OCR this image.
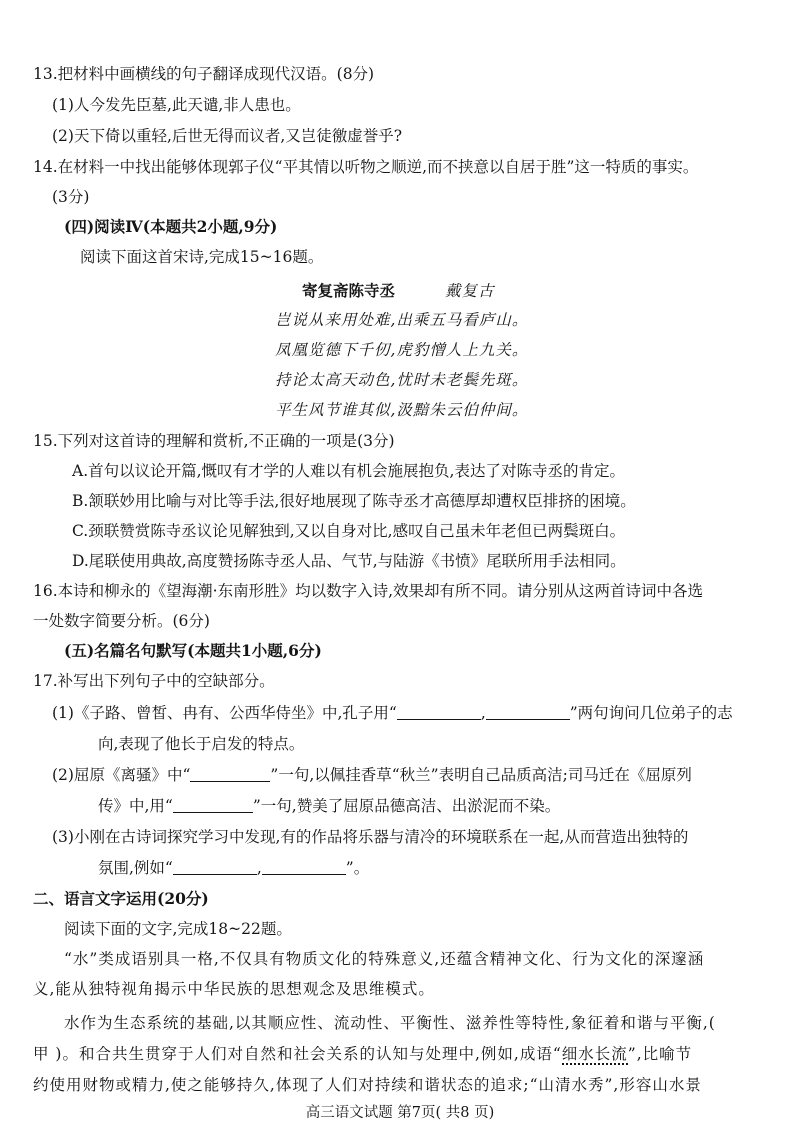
13.把材料中画横线的句子翻译成现代汉语。(8分)
(1)人今发先臣墓,此天谴,非人患也。
(2)天下倚以重轻,后世无得而议者,又岂徒徼虚誉乎?
14.在材料一中找出能够体现郭子仪“平其情以听物之顺逆,而不挟意以自居于胜”这一特质的事实。
(3分)
(四)阅读Ⅳ(本题共2小题,9分)
阅读下面这首宋诗,完成15~16题。
寄复斋陈寺丞	戴复古
岂说从来用处难,出乘五马看庐山。
凤凰览德下千仞,虎豹憎人上九关。
持论太高天动色,忧时未老鬓先斑。
平生风节谁其似,汲黯朱云伯仲间。
15.下列对这首诗的理解和赏析,不正确的一项是(3分)
A.首句以议论开篇,慨叹有才学的人难以有机会施展抱负,表达了对陈寺丞的肯定。
B.颔联妙用比喻与对比等手法,很好地展现了陈寺丞才高德厚却遭权臣排挤的困境。
C.颈联赞赏陈寺丞议论见解独到,又以自身对比,感叹自己虽未年老但已两鬓斑白。
D.尾联使用典故,高度赞扬陈寺丞人品、气节,与陆游《书愤》尾联所用手法相同。
16.本诗和柳永的《望海潮·东南形胜》均以数字入诗,效果却有所不同。请分别从这两首诗词中各选
一处数字简要分析。(6分)
(五)名篇名句默写(本题共1小题,6分)
17.补写出下列句子中的空缺部分。
(1)《子路、曾皙、冉有、公西华侍坐》中,孔子用“	,	”两句询问几位弟子的志
向,表现了他长于启发的特点。
(2)屈原《离骚》中“	”一句,以佩挂香草“秋兰”表明自己品质高洁;司马迁在《屈原列
传》中,用“	”一句,赞美了屈原品德高洁、出淤泥而不染。
(3)小刚在古诗词探究学习中发现,有的作品将乐器与清冷的环境联系在一起,从而营造出独特的
氛围,例如“	,	”。
二、语言文字运用(20分)
阅读下面的文字,完成18~22题。
“水”类成语别具一格,不仅具有物质文化的特殊意义,还蕴含精神文化、行为文化的深邃涵
义,能从独特视角揭示中华民族的思想观念及思维模式。
水作为生态系统的基础,以其顺应性、流动性、平衡性、滋养性等特性,象征着和谐与平衡,(
甲 )。和合共生贯穿于人们对自然和社会关系的认知与处理中,例如,成语“细水长流”,比喻节
约使用财物或精力,使之能够持久,体现了人们对持续和谐状态的追求;“山清水秀”,形容山水景
高三语文试题 第7页( 共8 页)
